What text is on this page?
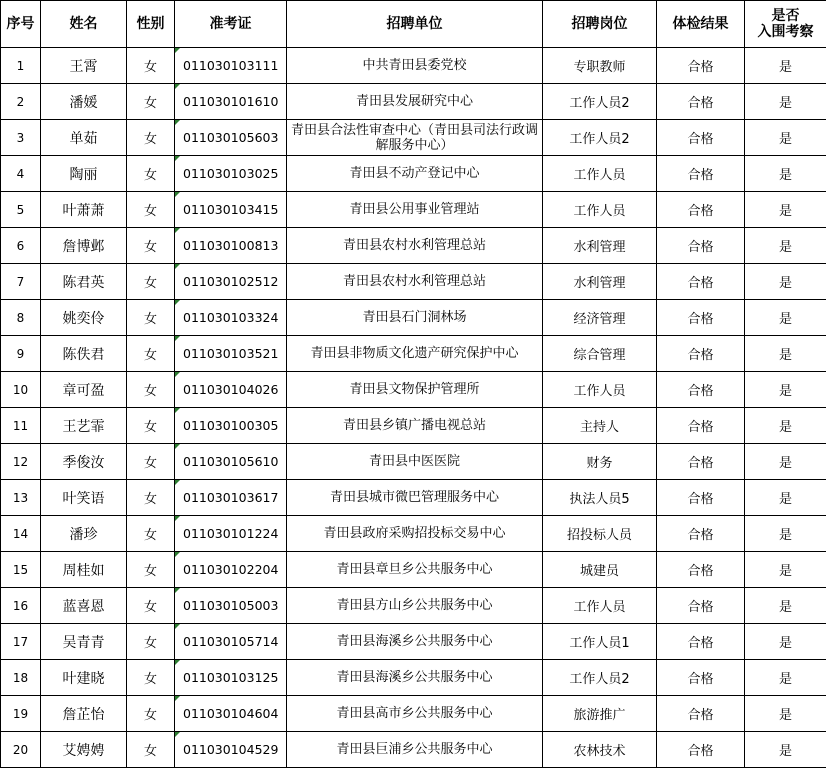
序号	姓名	性别	准考证	招聘单位	招聘岗位	体检结果	是否
入围考察
1	王霄	女	011030103111	中共青田县委党校	专职教师	合格	是
2	潘媛	女	011030101610	青田县发展研究中心	工作人员2	合格	是
3	单茹	女	011030105603	青田县合法性审查中心（青田县司法行政调解服务中心）	工作人员2	合格	是
4	陶丽	女	011030103025	青田县不动产登记中心	工作人员	合格	是
5	叶萧萧	女	011030103415	青田县公用事业管理站	工作人员	合格	是
6	詹博邺	女	011030100813	青田县农村水利管理总站	水利管理	合格	是
7	陈君英	女	011030102512	青田县农村水利管理总站	水利管理	合格	是
8	姚奕伶	女	011030103324	青田县石门洞林场	经济管理	合格	是
9	陈佚君	女	011030103521	青田县非物质文化遗产研究保护中心	综合管理	合格	是
10	章可盈	女	011030104026	青田县文物保护管理所	工作人员	合格	是
11	王艺霏	女	011030100305	青田县乡镇广播电视总站	主持人	合格	是
12	季俊汝	女	011030105610	青田县中医医院	财务	合格	是
13	叶笑语	女	011030103617	青田县城市微巴管理服务中心	执法人员5	合格	是
14	潘珍	女	011030101224	青田县政府采购招投标交易中心	招投标人员	合格	是
15	周桂如	女	011030102204	青田县章旦乡公共服务中心	城建员	合格	是
16	蓝喜恩	女	011030105003	青田县方山乡公共服务中心	工作人员	合格	是
17	吴青青	女	011030105714	青田县海溪乡公共服务中心	工作人员1	合格	是
18	叶建晓	女	011030103125	青田县海溪乡公共服务中心	工作人员2	合格	是
19	詹芷怡	女	011030104604	青田县高市乡公共服务中心	旅游推广	合格	是
20	艾娉娉	女	011030104529	青田县巨浦乡公共服务中心	农林技术	合格	是
